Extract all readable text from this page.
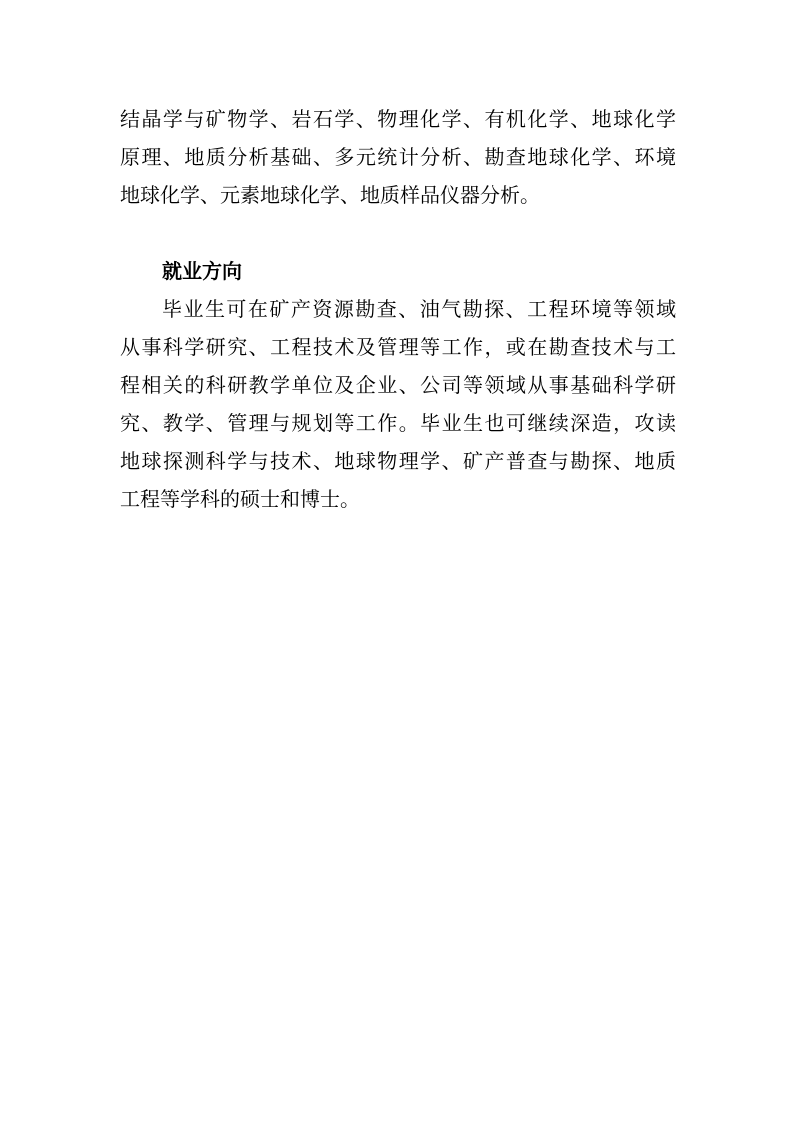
结晶学与矿物学、岩石学、物理化学、有机化学、地球化学
原理、地质分析基础、多元统计分析、勘查地球化学、环境
地球化学、元素地球化学、地质样品仪器分析。

就业方向

毕业生可在矿产资源勘查、油气勘探、工程环境等领域
从事科学研究、工程技术及管理等工作，或在勘查技术与工
程相关的科研教学单位及企业、公司等领域从事基础科学研
究、教学、管理与规划等工作。毕业生也可继续深造，攻读
地球探测科学与技术、地球物理学、矿产普查与勘探、地质
工程等学科的硕士和博士。
